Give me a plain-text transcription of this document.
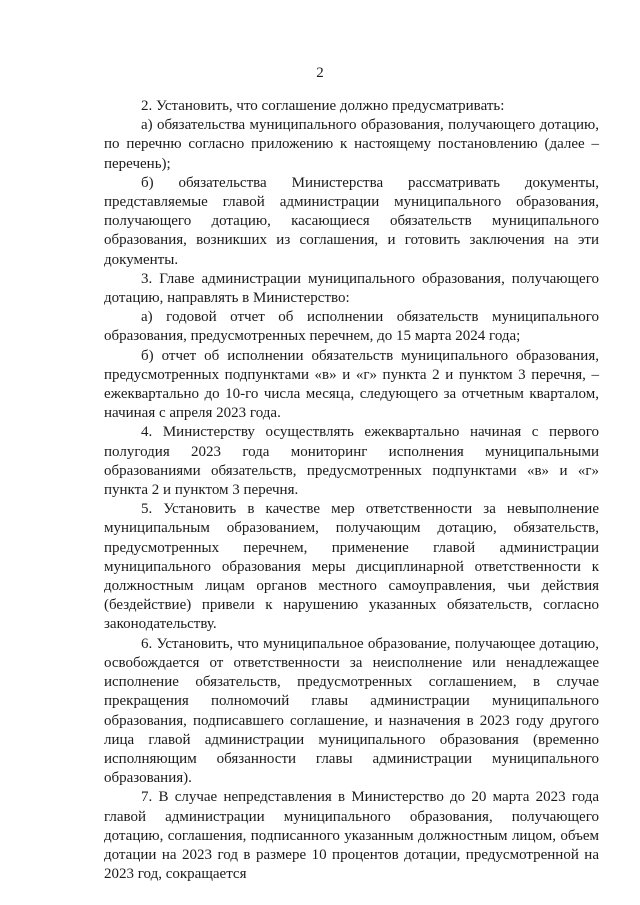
2

2. Установить, что соглашение должно предусматривать:

а) обязательства муниципального образования, получающего дотацию, по перечню согласно приложению к настоящему постановлению (далее – перечень);

б) обязательства Министерства рассматривать документы, представляемые главой администрации муниципального образования, получающего дотацию, касающиеся обязательств муниципального образования, возникших из соглашения, и готовить заключения на эти документы.

3. Главе администрации муниципального образования, получающего дотацию, направлять в Министерство:

а) годовой отчет об исполнении обязательств муниципального образования, предусмотренных перечнем, до 15 марта 2024 года;

б) отчет об исполнении обязательств муниципального образования, предусмотренных подпунктами «в» и «г» пункта 2 и пунктом 3 перечня, – ежеквартально до 10-го числа месяца, следующего за отчетным кварталом, начиная с апреля 2023 года.

4. Министерству осуществлять ежеквартально начиная с первого полугодия 2023 года мониторинг исполнения муниципальными образованиями обязательств, предусмотренных подпунктами «в» и «г» пункта 2 и пунктом 3 перечня.

5. Установить в качестве мер ответственности за невыполнение муниципальным образованием, получающим дотацию, обязательств, предусмотренных перечнем, применение главой администрации муниципального образования меры дисциплинарной ответственности к должностным лицам органов местного самоуправления, чьи действия (бездействие) привели к нарушению указанных обязательств, согласно законодательству.

6. Установить, что муниципальное образование, получающее дотацию, освобождается от ответственности за неисполнение или ненадлежащее исполнение обязательств, предусмотренных соглашением, в случае прекращения полномочий главы администрации муниципального образования, подписавшего соглашение, и назначения в 2023 году другого лица главой администрации муниципального образования (временно исполняющим обязанности главы администрации муниципального образования).

7. В случае непредставления в Министерство до 20 марта 2023 года главой администрации муниципального образования, получающего дотацию, соглашения, подписанного указанным должностным лицом, объем дотации на 2023 год в размере 10 процентов дотации, предусмотренной на 2023 год, сокращается
